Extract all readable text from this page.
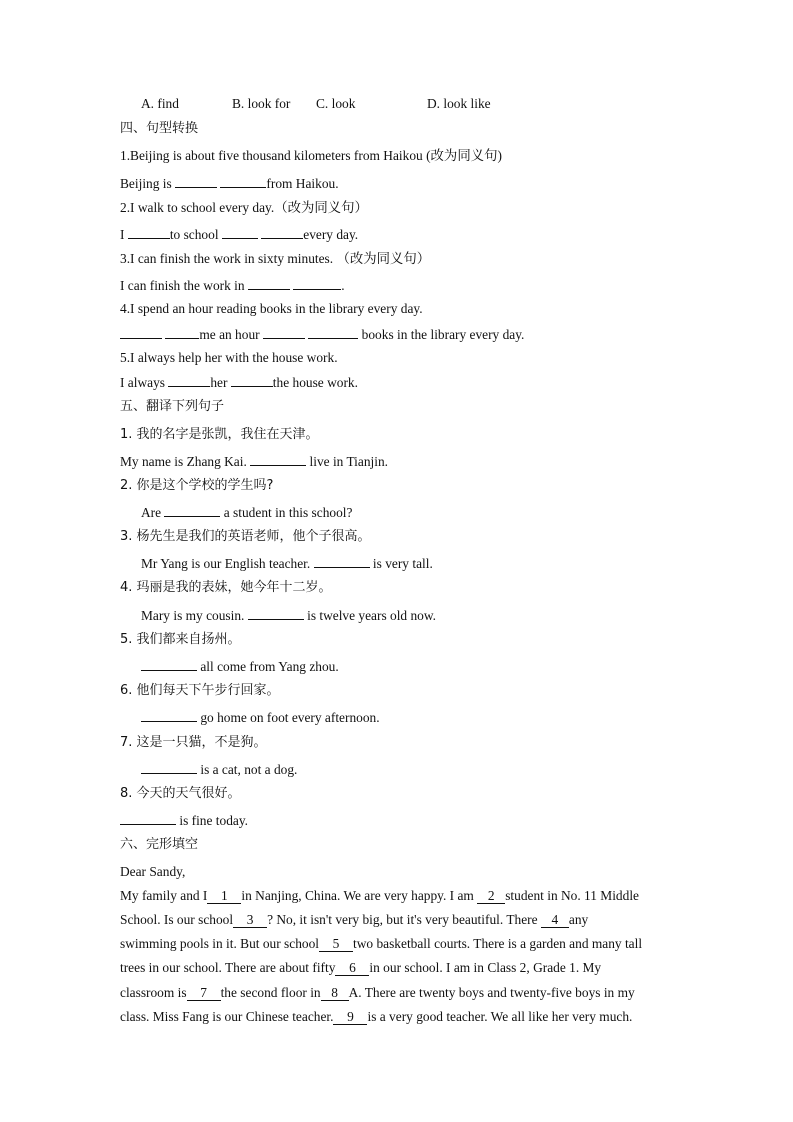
A. find	B. look for C. look	D. look like
四、句型转换
1.Beijing is about five thousand kilometers from Haikou (改为同义句)
Beijing is	from Haikou.
2.I walk to school every day.（改为同义句）
I	to school	every day.
3.I can finish the work in sixty minutes. （改为同义句）
I can finish the work in	.
4.I spend an hour reading books in the library every day.
me an hour	books in the library every day.
5.I always help her with the house work.
I always	her	the house work.
五、翻译下列句子
1. 我的名字是张凯，我住在天津。
My name is Zhang Kai.	live in Tianjin.
2. 你是这个学校的学生吗?
Are	a student in this school?
3. 杨先生是我们的英语老师，他个子很高。
Mr Yang is our English teacher.	is very tall.
4. 玛丽是我的表妹，她今年十二岁。
Mary is my cousin.	is twelve years old now.
5. 我们都来自扬州。
all come from Yang zhou.
6. 他们每天下午步行回家。
go home on foot every afternoon.
7. 这是一只猫，不是狗。
is a cat, not a dog.
8. 今天的天气很好。
is fine today.
六、完形填空
Dear Sandy,
My family and I 1 in Nanjing, China. We are very happy. I am 2 student in No. 11 Middle
School. Is our school 3 ? No, it isn't very big, but it's very beautiful. There 4 any
swimming pools in it. But our school 5 two basketball courts. There is a garden and many tall
trees in our school. There are about fifty 6 in our school. I am in Class 2, Grade 1. My
classroom is 7 the second floor in 8 A. There are twenty boys and twenty-five boys in my
class. Miss Fang is our Chinese teacher. 9 is a very good teacher. We all like her very much.
